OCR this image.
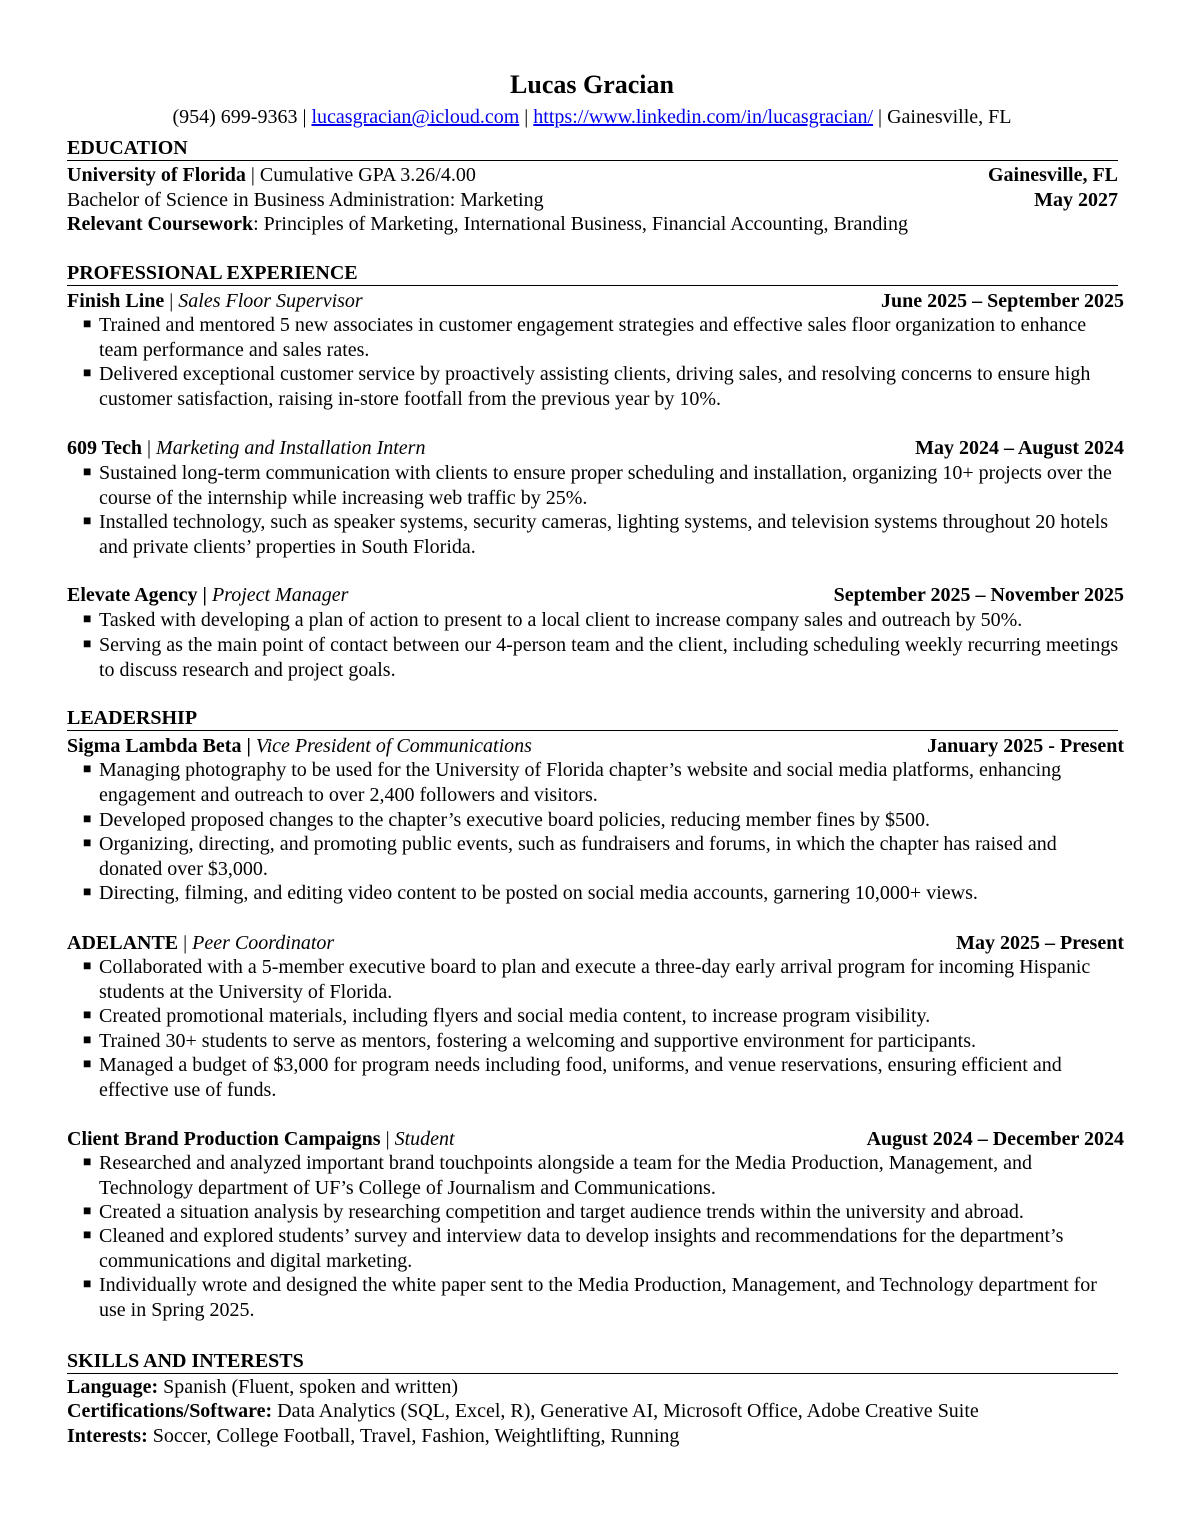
Lucas Gracian
(954) 699-9363 | lucasgracian@icloud.com | https://www.linkedin.com/in/lucasgracian/ | Gainesville, FL
EDUCATION
University of Florida | Cumulative GPA 3.26/4.00	Gainesville, FL
Bachelor of Science in Business Administration: Marketing	May 2027
Relevant Coursework: Principles of Marketing, International Business, Financial Accounting, Branding
PROFESSIONAL EXPERIENCE
Finish Line | Sales Floor Supervisor	June 2025 – September 2025
■ Trained and mentored 5 new associates in customer engagement strategies and effective sales floor organization to enhance team performance and sales rates.
■ Delivered exceptional customer service by proactively assisting clients, driving sales, and resolving concerns to ensure high customer satisfaction, raising in-store footfall from the previous year by 10%.
609 Tech | Marketing and Installation Intern	May 2024 – August 2024
■ Sustained long-term communication with clients to ensure proper scheduling and installation, organizing 10+ projects over the course of the internship while increasing web traffic by 25%.
■ Installed technology, such as speaker systems, security cameras, lighting systems, and television systems throughout 20 hotels and private clients’ properties in South Florida.
Elevate Agency | Project Manager	September 2025 – November 2025
■ Tasked with developing a plan of action to present to a local client to increase company sales and outreach by 50%.
■ Serving as the main point of contact between our 4-person team and the client, including scheduling weekly recurring meetings to discuss research and project goals.
LEADERSHIP
Sigma Lambda Beta | Vice President of Communications	January 2025 - Present
■ Managing photography to be used for the University of Florida chapter’s website and social media platforms, enhancing engagement and outreach to over 2,400 followers and visitors.
■ Developed proposed changes to the chapter’s executive board policies, reducing member fines by $500.
■ Organizing, directing, and promoting public events, such as fundraisers and forums, in which the chapter has raised and donated over $3,000.
■ Directing, filming, and editing video content to be posted on social media accounts, garnering 10,000+ views.
ADELANTE | Peer Coordinator	May 2025 – Present
■ Collaborated with a 5-member executive board to plan and execute a three-day early arrival program for incoming Hispanic students at the University of Florida.
■ Created promotional materials, including flyers and social media content, to increase program visibility.
■ Trained 30+ students to serve as mentors, fostering a welcoming and supportive environment for participants.
■ Managed a budget of $3,000 for program needs including food, uniforms, and venue reservations, ensuring efficient and effective use of funds.
Client Brand Production Campaigns | Student	August 2024 – December 2024
■ Researched and analyzed important brand touchpoints alongside a team for the Media Production, Management, and Technology department of UF’s College of Journalism and Communications.
■ Created a situation analysis by researching competition and target audience trends within the university and abroad.
■ Cleaned and explored students’ survey and interview data to develop insights and recommendations for the department’s communications and digital marketing.
■ Individually wrote and designed the white paper sent to the Media Production, Management, and Technology department for use in Spring 2025.
SKILLS AND INTERESTS
Language: Spanish (Fluent, spoken and written)
Certifications/Software: Data Analytics (SQL, Excel, R), Generative AI, Microsoft Office, Adobe Creative Suite
Interests: Soccer, College Football, Travel, Fashion, Weightlifting, Running
